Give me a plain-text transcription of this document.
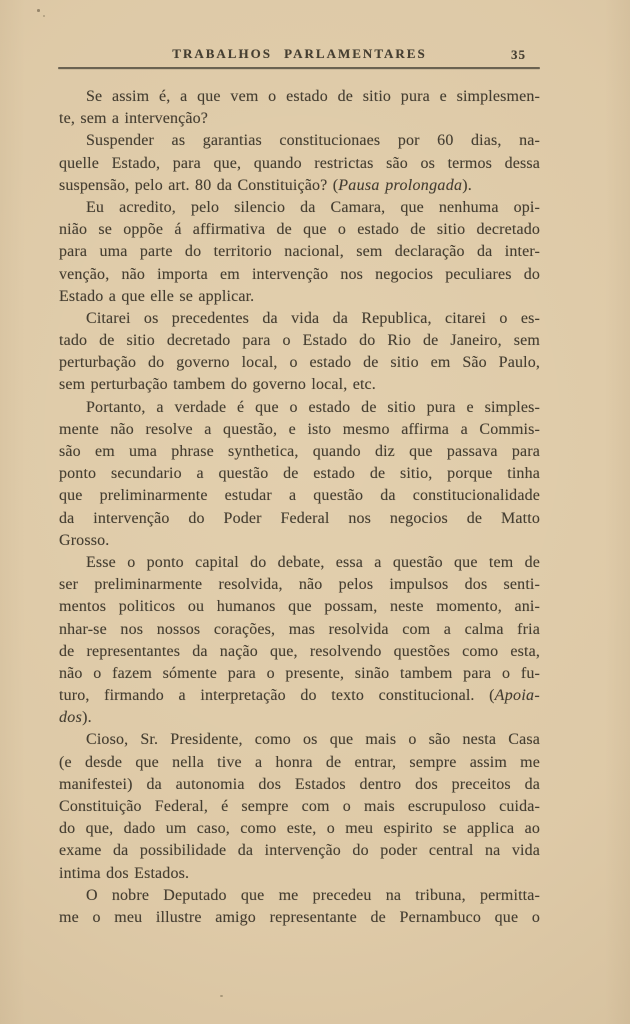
TRABALHOS PARLAMENTARES	35
Se assim é, a que vem o estado de sitio pura e simplesmen-
te, sem a intervenção?
Suspender as garantias constitucionaes por 60 dias, na-
quelle Estado, para que, quando restrictas são os termos dessa
suspensão, pelo art. 80 da Constituição? (Pausa prolongada).
Eu acredito, pelo silencio da Camara, que nenhuma opi-
nião se oppõe á affirmativa de que o estado de sitio decretado
para uma parte do territorio nacional, sem declaração da inter-
venção, não importa em intervenção nos negocios peculiares do
Estado a que elle se applicar.
Citarei os precedentes da vida da Republica, citarei o es-
tado de sitio decretado para o Estado do Rio de Janeiro, sem
perturbação do governo local, o estado de sitio em São Paulo,
sem perturbação tambem do governo local, etc.
Portanto, a verdade é que o estado de sitio pura e simples-
mente não resolve a questão, e isto mesmo affirma a Commis-
são em uma phrase synthetica, quando diz que passava para
ponto secundario a questão de estado de sitio, porque tinha
que preliminarmente estudar a questão da constitucionalidade
da intervenção do Poder Federal nos negocios de Matto
Grosso.
Esse o ponto capital do debate, essa a questão que tem de
ser preliminarmente resolvida, não pelos impulsos dos senti-
mentos politicos ou humanos que possam, neste momento, ani-
nhar-se nos nossos corações, mas resolvida com a calma fria
de representantes da nação que, resolvendo questões como esta,
não o fazem sómente para o presente, sinão tambem para o fu-
turo, firmando a interpretação do texto constitucional. (Apoia-
dos).
Cioso, Sr. Presidente, como os que mais o são nesta Casa
(e desde que nella tive a honra de entrar, sempre assim me
manifestei) da autonomia dos Estados dentro dos preceitos da
Constituição Federal, é sempre com o mais escrupuloso cuida-
do que, dado um caso, como este, o meu espirito se applica ao
exame da possibilidade da intervenção do poder central na vida
intima dos Estados.
O nobre Deputado que me precedeu na tribuna, permitta-
me o meu illustre amigo representante de Pernambuco que o
